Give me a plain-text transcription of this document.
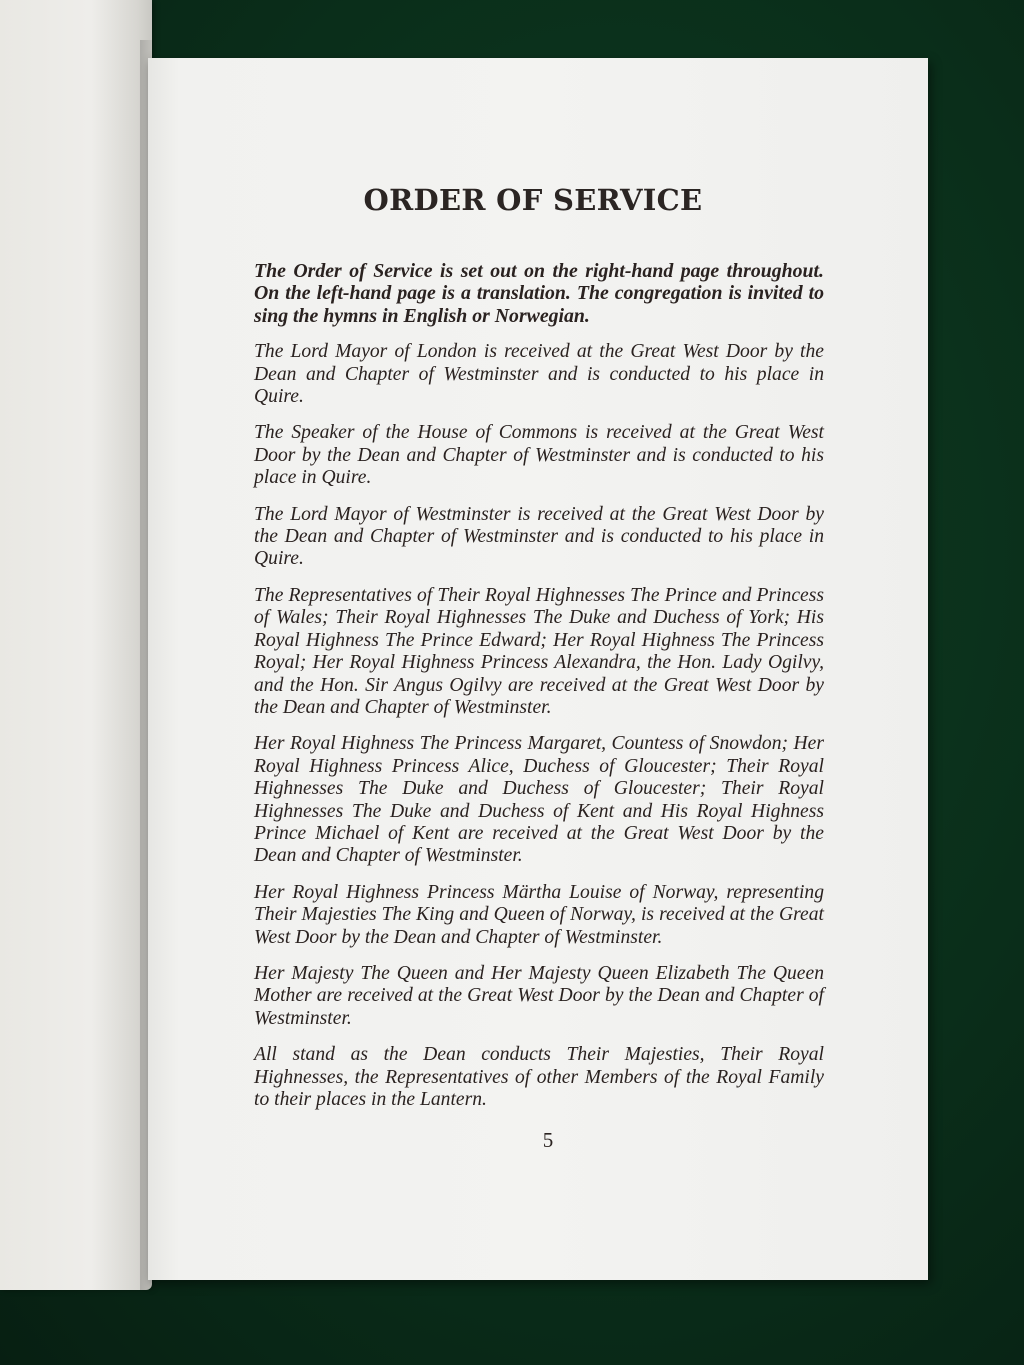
ORDER OF SERVICE

The Order of Service is set out on the right-hand page throughout. On the left-hand page is a translation. The congregation is invited to sing the hymns in English or Norwegian.

The Lord Mayor of London is received at the Great West Door by the Dean and Chapter of Westminster and is conducted to his place in Quire.

The Speaker of the House of Commons is received at the Great West Door by the Dean and Chapter of Westminster and is conducted to his place in Quire.

The Lord Mayor of Westminster is received at the Great West Door by the Dean and Chapter of Westminster and is conducted to his place in Quire.

The Representatives of Their Royal Highnesses The Prince and Princess of Wales; Their Royal Highnesses The Duke and Duchess of York; His Royal Highness The Prince Edward; Her Royal Highness The Princess Royal; Her Royal Highness Princess Alexandra, the Hon. Lady Ogilvy, and the Hon. Sir Angus Ogilvy are received at the Great West Door by the Dean and Chapter of Westminster.

Her Royal Highness The Princess Margaret, Countess of Snowdon; Her Royal Highness Princess Alice, Duchess of Gloucester; Their Royal Highnesses The Duke and Duchess of Gloucester; Their Royal Highnesses The Duke and Duchess of Kent and His Royal Highness Prince Michael of Kent are received at the Great West Door by the Dean and Chapter of Westminster.

Her Royal Highness Princess Märtha Louise of Norway, representing Their Majesties The King and Queen of Norway, is received at the Great West Door by the Dean and Chapter of Westminster.

Her Majesty The Queen and Her Majesty Queen Elizabeth The Queen Mother are received at the Great West Door by the Dean and Chapter of Westminster.

All stand as the Dean conducts Their Majesties, Their Royal Highnesses, the Representatives of other Members of the Royal Family to their places in the Lantern.

5
